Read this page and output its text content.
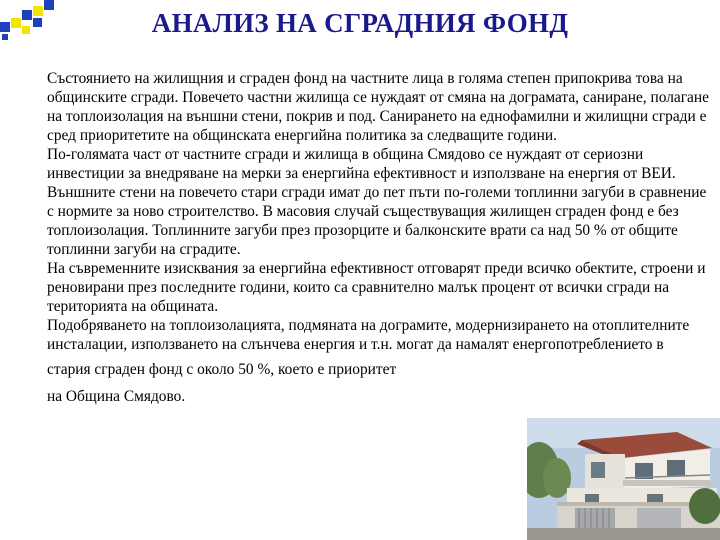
АНАЛИЗ НА СГРАДНИЯ ФОНД

Състоянието на жилищния и сграден фонд на частните лица в голяма степен припокрива това на общинските сгради. Повечето частни жилища се нуждаят от смяна на дограмата, саниране, полагане на топлоизолация на външни стени, покрив и под. Санирането на еднофамилни и жилищни сгради е сред приоритетите на общинската енергийна политика за следващите години.

По-голямата част от частните сгради и жилища в община Смядово се нуждаят от сериозни инвестиции за внедряване на мерки за енергийна ефективност и използване на енергия от ВЕИ. Външните стени на повечето стари сгради имат до пет пъти по-големи топлинни загуби в сравнение с нормите за ново строителство. В масовия случай съществуващия жилищен сграден фонд е без топлоизолация. Топлинните загуби през прозорците и балконските врати са над 50 % от общите топлинни загуби на сградите.

На съвременните изисквания за енергийна ефективност отговарят преди всичко обектите, строени и реновирани през последните години, които са сравнително малък процент от всички сгради на територията на общината.

Подобряването на топлоизолацията, подмяната на дограмите, модернизирането на отоплителните инсталации, използването на слънчева енергия и т.н. могат да намалят енергопотреблението в

стария сграден фонд с около 50 %, което е приоритет
на Община Смядово.
